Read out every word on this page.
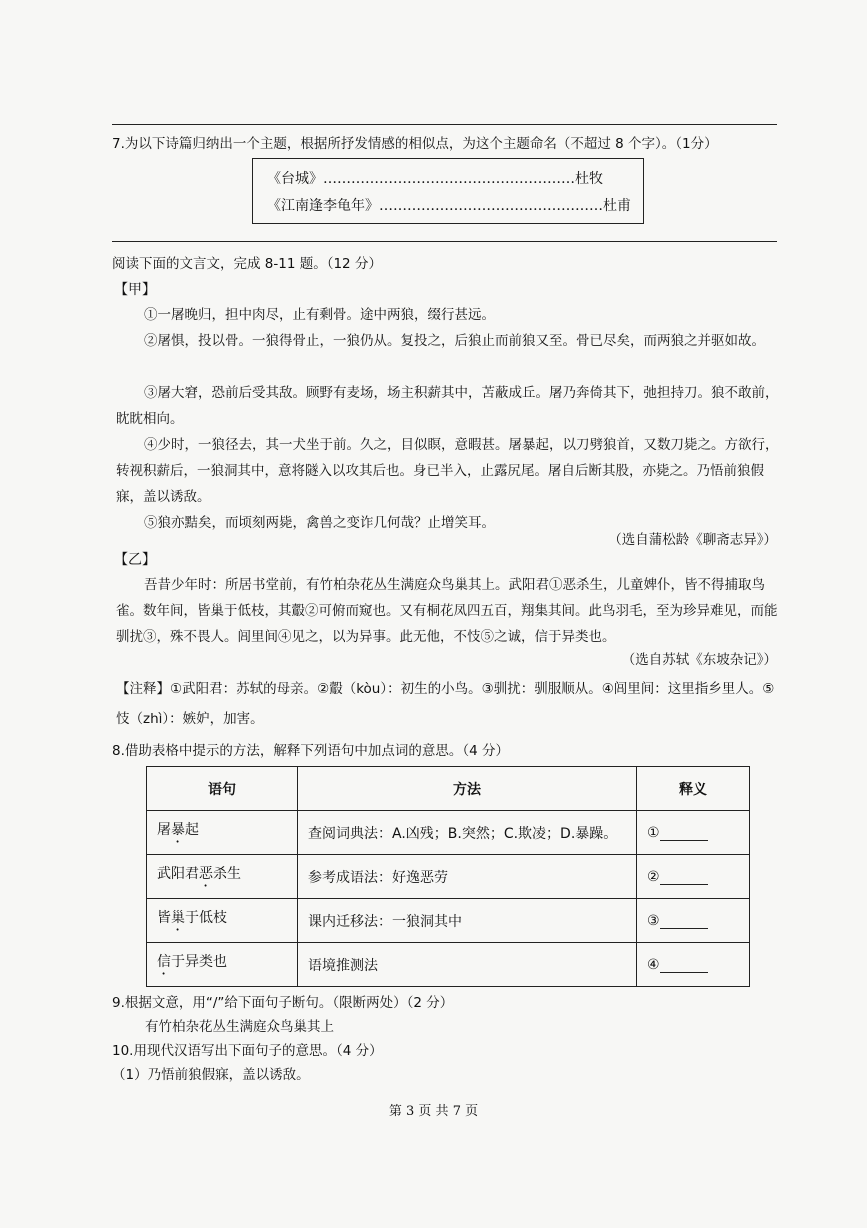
7.为以下诗篇归纳出一个主题，根据所抒发情感的相似点，为这个主题命名（不超过 8 个字）。（1分）
《台城》………………………………………………杜牧
《江南逢李龟年》…………………………………………杜甫
阅读下面的文言文，完成 8-11 题。（12 分）
【甲】
①一屠晚归，担中肉尽，止有剩骨。途中两狼，缀行甚远。
②屠惧，投以骨。一狼得骨止，一狼仍从。复投之，后狼止而前狼又至。骨已尽矣，而两狼之并驱如故。
③屠大窘，恐前后受其敌。顾野有麦场，场主积薪其中，苫蔽成丘。屠乃奔倚其下，弛担持刀。狼不敢前，眈眈相向。
④少时，一狼径去，其一犬坐于前。久之，目似瞑，意暇甚。屠暴起，以刀劈狼首，又数刀毙之。方欲行，转视积薪后，一狼洞其中，意将隧入以攻其后也。身已半入，止露尻尾。屠自后断其股，亦毙之。乃悟前狼假寐，盖以诱敌。
⑤狼亦黠矣，而顷刻两毙，禽兽之变诈几何哉？止增笑耳。
（选自蒲松龄《聊斋志异》）
【乙】
吾昔少年时：所居书堂前，有竹柏杂花丛生满庭众鸟巢其上。武阳君①恶杀生，儿童婢仆，皆不得捕取鸟雀。数年间，皆巢于低枝，其鷇②可俯而窥也。又有桐花凤四五百，翔集其间。此鸟羽毛，至为珍异难见，而能驯扰③，殊不畏人。闾里间④见之，以为异事。此无他，不忮⑤之诚，信于异类也。
（选自苏轼《东坡杂记》）
【注释】①武阳君：苏轼的母亲。②鷇（kòu）：初生的小鸟。③驯扰：驯服顺从。④闾里间：这里指乡里人。⑤忮（zhì）：嫉妒，加害。
8.借助表格中提示的方法，解释下列语句中加点词的意思。（4 分）
语句	方法	释义
屠暴起	查阅词典法：A.凶残；B.突然；C.欺凌；D.暴躁。	①
武阳君恶杀生	参考成语法：好逸恶劳	②
皆巢于低枝	课内迁移法：一狼洞其中	③
信于异类也	语境推测法	④
9.根据文意，用“/”给下面句子断句。（限断两处）（2 分）
有竹柏杂花丛生满庭众鸟巢其上
10.用现代汉语写出下面句子的意思。（4 分）
（1）乃悟前狼假寐，盖以诱敌。
第 3 页 共 7 页
